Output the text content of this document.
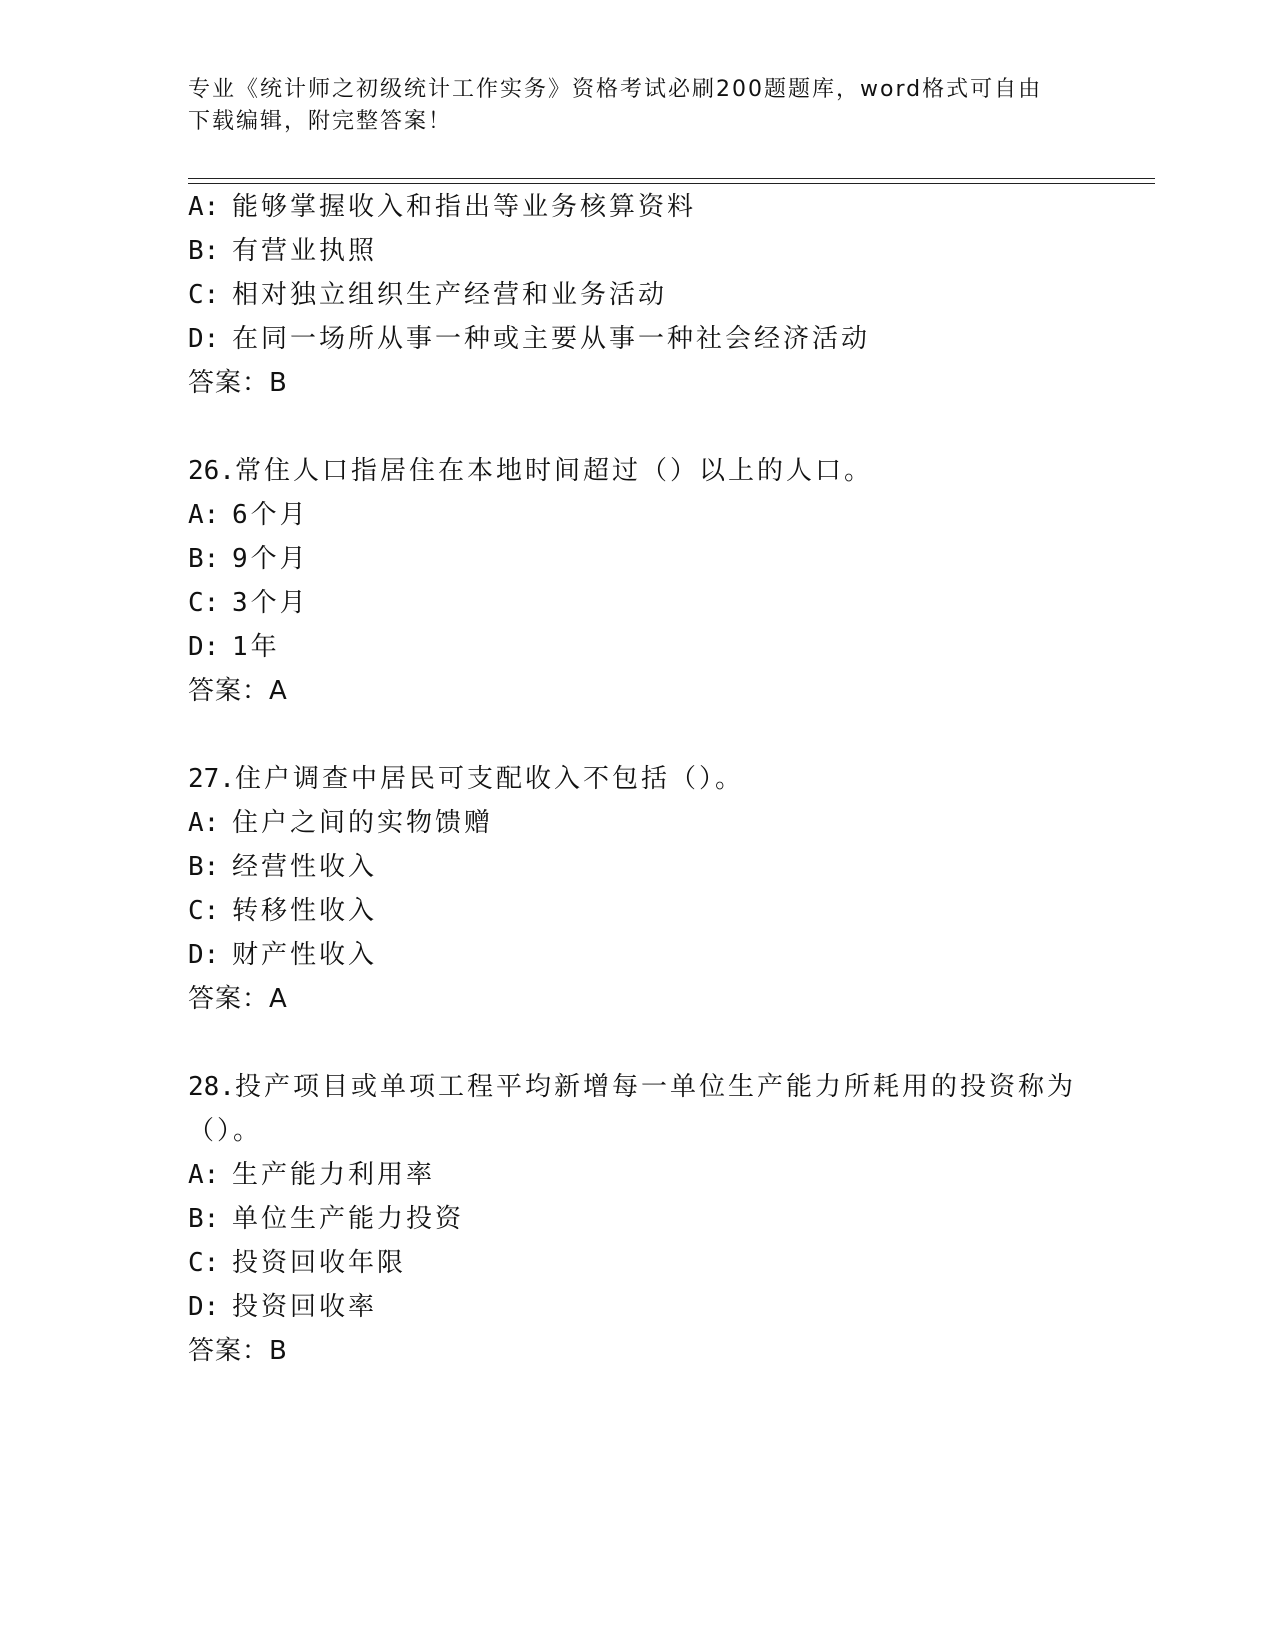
专业《统计师之初级统计工作实务》资格考试必刷200题题库，word格式可自由
下载编辑，附完整答案！
A: 能够掌握收入和指出等业务核算资料
B: 有营业执照
C: 相对独立组织生产经营和业务活动
D: 在同一场所从事一种或主要从事一种社会经济活动
答案：B
26.常住人口指居住在本地时间超过（）以上的人口。
A: 6个月
B: 9个月
C: 3个月
D: 1年
答案：A
27.住户调查中居民可支配收入不包括（）。
A: 住户之间的实物馈赠
B: 经营性收入
C: 转移性收入
D: 财产性收入
答案：A
28.投产项目或单项工程平均新增每一单位生产能力所耗用的投资称为
（）。
A: 生产能力利用率
B: 单位生产能力投资
C: 投资回收年限
D: 投资回收率
答案：B
